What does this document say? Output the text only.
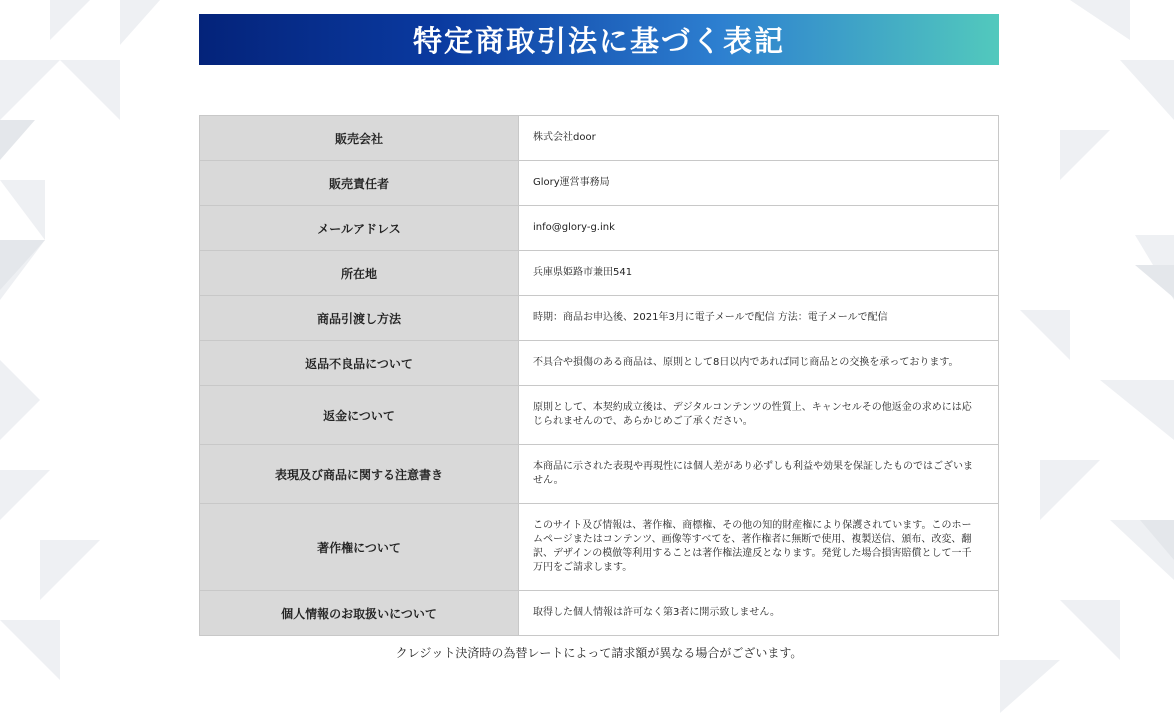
特定商取引法に基づく表記
販売会社	株式会社door
販売責任者	Glory運営事務局
メールアドレス	info@glory-g.ink
所在地	兵庫県姫路市兼田541
商品引渡し方法	時期：商品お申込後、2021年3月に電子メールで配信 方法：電子メールで配信
返品不良品について	不具合や損傷のある商品は、原則として8日以内であれば同じ商品との交換を承っております。
返金について	原則として、本契約成立後は、デジタルコンテンツの性質上、キャンセルその他返金の求めには応じられませんので、あらかじめご了承ください。
表現及び商品に関する注意書き	本商品に示された表現や再現性には個人差があり必ずしも利益や効果を保証したものではございません。
著作権について	このサイト及び情報は、著作権、商標権、その他の知的財産権により保護されています。このホームページまたはコンテンツ、画像等すべてを、著作権者に無断で使用、複製送信、頒布、改変、翻訳、デザインの模倣等利用することは著作権法違反となります。発覚した場合損害賠償として一千万円をご請求します。
個人情報のお取扱いについて	取得した個人情報は許可なく第3者に開示致しません。
クレジット決済時の為替レートによって請求額が異なる場合がございます。
